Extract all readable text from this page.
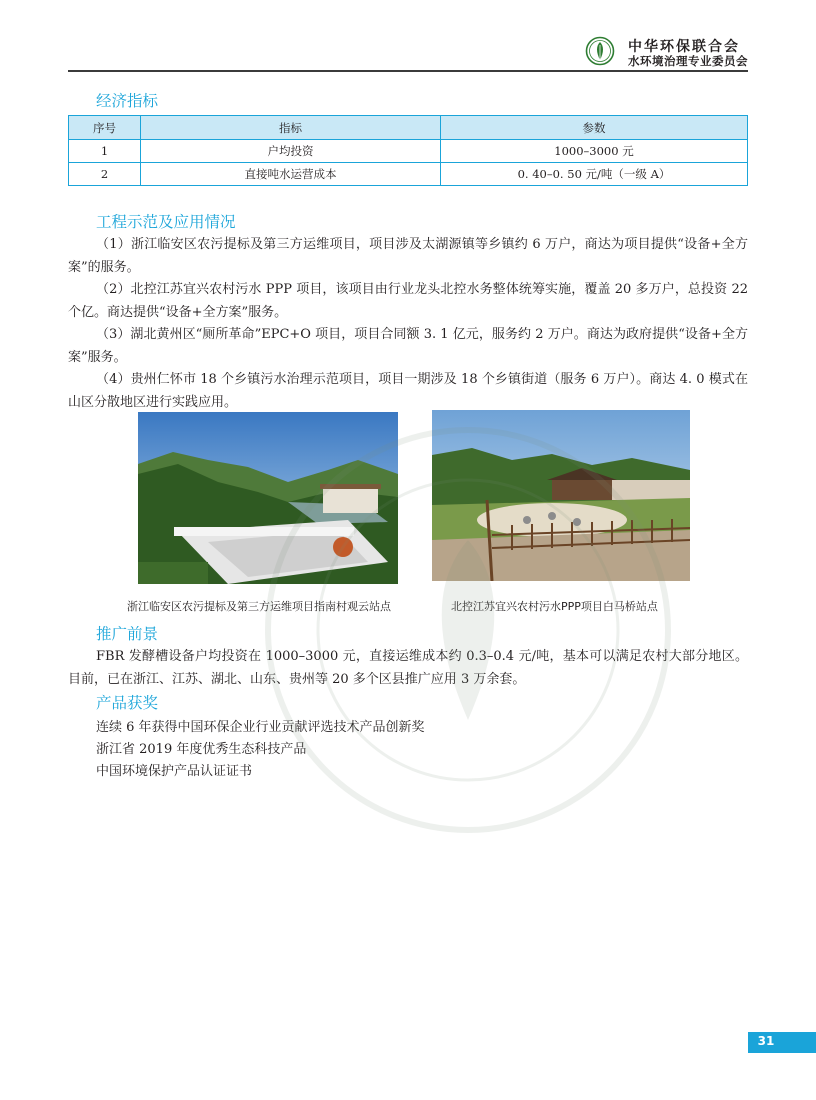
中华环保联合会
水环境治理专业委员会
经济指标
序号	指标	参数
1	户均投资	1000–3000 元
2	直接吨水运营成本	0. 40–0. 50 元/吨（一级 A）
工程示范及应用情况

（1）浙江临安区农污提标及第三方运维项目，项目涉及太湖源镇等乡镇约 6 万户，商达为项目提供“设备+全方案”的服务。

（2）北控江苏宜兴农村污水 PPP 项目，该项目由行业龙头北控水务整体统筹实施，覆盖 20 多万户，总投资 22 个亿。商达提供“设备+全方案”服务。

（3）湖北黄州区“厕所革命”EPC+O 项目，项目合同额 3. 1 亿元，服务约 2 万户。商达为政府提供“设备+全方案”服务。

（4）贵州仁怀市 18 个乡镇污水治理示范项目，项目一期涉及 18 个乡镇街道（服务 6 万户）。商达 4. 0 模式在山区分散地区进行实践应用。

浙江临安区农污提标及第三方运维项目指南村观云站点	北控江苏宜兴农村污水PPP项目白马桥站点
推广前景

FBR 发酵槽设备户均投资在 1000–3000 元，直接运维成本约 0.3–0.4 元/吨，基本可以满足农村大部分地区。目前，已在浙江、江苏、湖北、山东、贵州等 20 多个区县推广应用 3 万余套。

产品获奖
连续 6 年获得中国环保企业行业贡献评选技术产品创新奖
浙江省 2019 年度优秀生态科技产品
中国环境保护产品认证证书
31
